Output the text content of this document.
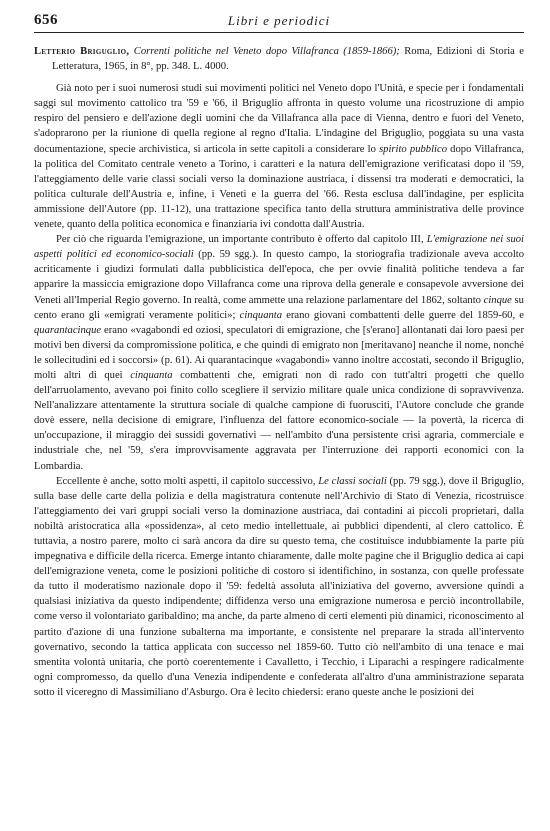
656	Libri e periodici

Letterio Briguglio, Correnti politiche nel Veneto dopo Villafranca (1859-1866); Roma, Edizioni di Storia e Letteratura, 1965, in 8°, pp. 348. L. 4000.

Già noto per i suoi numerosi studi sui movimenti politici nel Veneto dopo l'Unità, e specie per i fondamentali saggi sul movimento cattolico tra '59 e '66, il Briguglio affronta in questo volume una ricostruzione di ampio respiro del pensiero e dell'azione degli uomini che da Villafranca alla pace di Vienna, dentro e fuori del Veneto, s'adoprarono per la riunione di quella regione al regno d'Italia. L'indagine del Briguglio, poggiata su una vasta documentazione, specie archivistica, si articola in sette capitoli a considerare lo spirito pubblico dopo Villafranca, la politica del Comitato centrale veneto a Torino, i caratteri e la natura dell'emigrazione verificatasi dopo il '59, l'atteggiamento delle varie classi sociali verso la dominazione austriaca, i dissensi tra moderati e democratici, la politica culturale dell'Austria e, infine, i Veneti e la guerra del '66. Resta esclusa dall'indagine, per esplicita ammissione dell'Autore (pp. 11-12), una trattazione specifica tanto della struttura amministrativa delle province venete, quanto della politica economica e finanziaria ivi condotta dall'Austria.

Per ciò che riguarda l'emigrazione, un importante contributo è offerto dal capitolo III, L'emigrazione nei suoi aspetti politici ed economico-sociali (pp. 59 sgg.). In questo campo, la storiografia tradizionale aveva accolto acriticamente i giudizi formulati dalla pubblicistica dell'epoca, che per ovvie finalità politiche tendeva a far apparire la massiccia emigrazione dopo Villafranca come una riprova della generale e consapevole avversione dei Veneti all'Imperial Regio governo. In realtà, come ammette una relazione parlamentare del 1862, soltanto cinque su cento erano gli «emigrati veramente politici»; cinquanta erano giovani combattenti delle guerre del 1859-60, e quarantacinque erano «vagabondi ed oziosi, speculatori di emigrazione, che [s'erano] allontanati dai loro paesi per motivi ben diversi da compromissione politica, e che quindi di emigrato non [meritavano] neanche il nome, nonché le sollecitudini ed i soccorsi» (p. 61). Ai quarantacinque «vagabondi» vanno inoltre accostati, secondo il Briguglio, molti altri di quei cinquanta combattenti che, emigrati non di rado con tutt'altri progetti che quello dell'arruolamento, avevano poi finito collo scegliere il servizio militare quale unica condizione di sopravvivenza. Nell'analizzare attentamente la struttura sociale di qualche campione di fuorusciti, l'Autore conclude che grande dovè essere, nella decisione di emigrare, l'influenza del fattore economico-sociale — la povertà, la ricerca di un'occupazione, il miraggio dei sussidi governativi — nell'ambito d'una persistente crisi agraria, commerciale e industriale che, nel '59, s'era improvvisamente aggravata per l'interruzione dei rapporti economici con la Lombardia.

Eccellente è anche, sotto molti aspetti, il capitolo successivo, Le classi sociali (pp. 79 sgg.), dove il Briguglio, sulla base delle carte della polizia e della magistratura contenute nell'Archivio di Stato di Venezia, ricostruisce l'atteggiamento dei vari gruppi sociali verso la dominazione austriaca, dai contadini ai piccoli proprietari, dalla nobiltà aristocratica alla «possidenza», al ceto medio intellettuale, ai pubblici dipendenti, al clero cattolico. È tuttavia, a nostro parere, molto ci sarà ancora da dire su questo tema, che costituisce indubbiamente la parte più impegnativa e difficile della ricerca. Emerge intanto chiaramente, dalle molte pagine che il Briguglio dedica ai capi dell'emigrazione veneta, come le posizioni politiche di costoro si identifichino, in sostanza, con quelle professate da tutto il moderatismo nazionale dopo il '59: fedeltà assoluta all'iniziativa del governo, avversione quindi a qualsiasi iniziativa da questo indipendente; diffidenza verso una emigrazione numerosa e perciò incontrollabile, come verso il volontariato garibaldino; ma anche, da parte almeno di certi elementi più dinamici, riconoscimento al partito d'azione di una funzione subalterna ma importante, e consistente nel preparare la strada all'intervento governativo, secondo la tattica applicata con successo nel 1859-60. Tutto ciò nell'ambito di una tenace e mai smentita volontà unitaria, che portò coerentemente i Cavalletto, i Tecchio, i Liparachi a respingere radicalmente ogni compromesso, da quello d'una Venezia indipendente e confederata all'altro d'una amministrazione separata sotto il viceregno di Massimiliano d'Asburgo. Ora è lecito chiedersi: erano queste anche le posizioni dei
